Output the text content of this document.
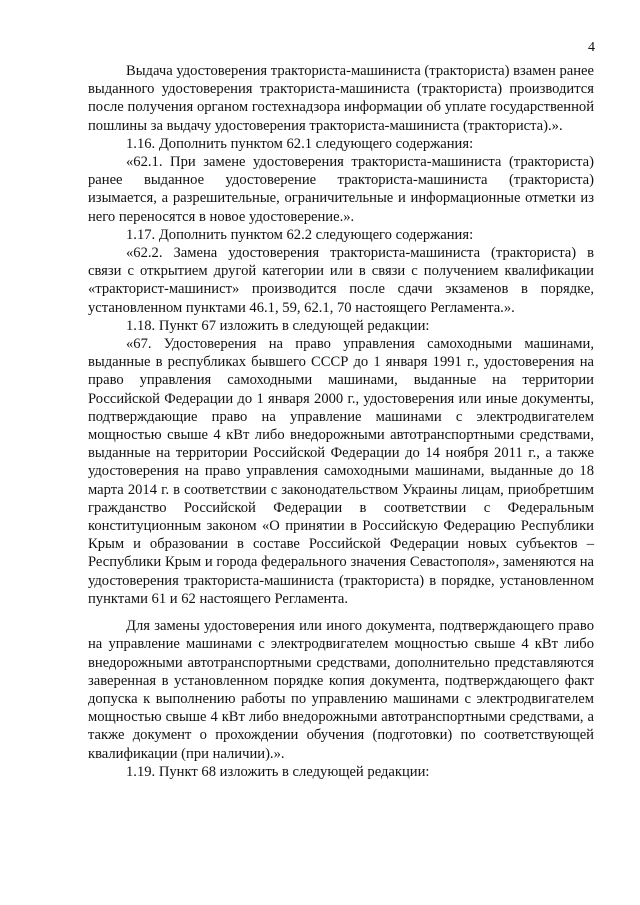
4

Выдача удостоверения тракториста-машиниста (тракториста) взамен ранее выданного удостоверения тракториста-машиниста (тракториста) производится после получения органом гостехнадзора информации об уплате государственной пошлины за выдачу удостоверения тракториста-машиниста (тракториста).».

1.16. Дополнить пунктом 62.1 следующего содержания:

«62.1. При замене удостоверения тракториста-машиниста (тракториста) ранее выданное удостоверение тракториста-машиниста (тракториста) изымается, а разрешительные, ограничительные и информационные отметки из него переносятся в новое удостоверение.».

1.17. Дополнить пунктом 62.2 следующего содержания:

«62.2. Замена удостоверения тракториста-машиниста (тракториста) в связи с открытием другой категории или в связи с получением квалификации «тракторист-машинист» производится после сдачи экзаменов в порядке, установленном пунктами 46.1, 59, 62.1, 70 настоящего Регламента.».

1.18. Пункт 67 изложить в следующей редакции:

«67. Удостоверения на право управления самоходными машинами, выданные в республиках бывшего СССР до 1 января 1991 г., удостоверения на право управления самоходными машинами, выданные на территории Российской Федерации до 1 января 2000 г., удостоверения или иные документы, подтверждающие право на управление машинами с электродвигателем мощностью свыше 4 кВт либо внедорожными автотранспортными средствами, выданные на территории Российской Федерации до 14 ноября 2011 г., а также удостоверения на право управления самоходными машинами, выданные до 18 марта 2014 г. в соответствии с законодательством Украины лицам, приобретшим гражданство Российской Федерации в соответствии с Федеральным конституционным законом «О принятии в Российскую Федерацию Республики Крым и образовании в составе Российской Федерации новых субъектов –Республики Крым и города федерального значения Севастополя», заменяются на удостоверения тракториста-машиниста (тракториста) в порядке, установленном пунктами 61 и 62 настоящего Регламента.

Для замены удостоверения или иного документа, подтверждающего право на управление машинами с электродвигателем мощностью свыше 4 кВт либо внедорожными автотранспортными средствами, дополнительно представляются заверенная в установленном порядке копия документа, подтверждающего факт допуска к выполнению работы по управлению машинами с электродвигателем мощностью свыше 4 кВт либо внедорожными автотранспортными средствами, а также документ о прохождении обучения (подготовки) по соответствующей квалификации (при наличии).».

1.19. Пункт 68 изложить в следующей редакции:
